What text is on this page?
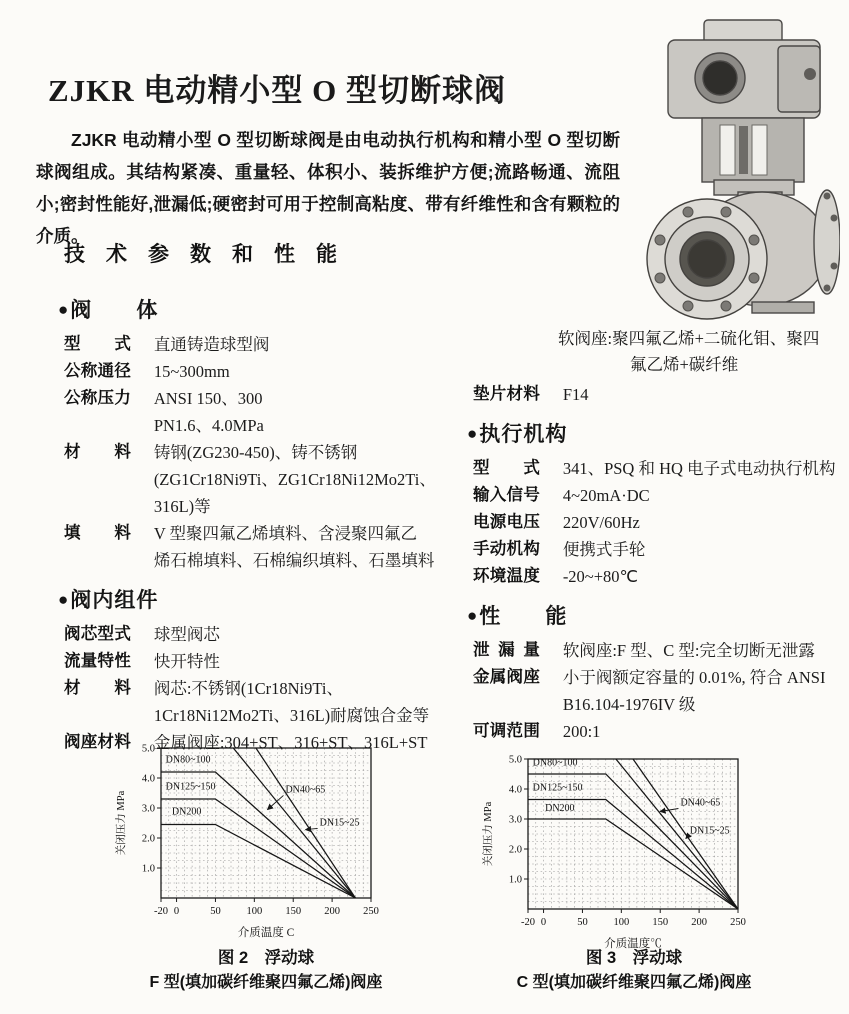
ZJKR 电动精小型 O 型切断球阀

ZJKR 电动精小型 O 型切断球阀是由电动执行机构和精小型 O 型切断球阀组成。其结构紧凑、重量轻、体积小、装拆维护方便;流路畅通、流阻小;密封性能好,泄漏低;硬密封可用于控制高粘度、带有纤维性和含有颗粒的介质。

技术参数和性能
●阀体
型式 直通铸造球型阀
公称通径 15~300mm
公称压力 ANSI 150、300
PN1.6、4.0MPa
材料 铸钢(ZG230-450)、铸不锈钢
(ZG1Cr18Ni9Ti、ZG1Cr18Ni12Mo2Ti、
316L)等
填料 V 型聚四氟乙烯填料、含浸聚四氟乙
烯石棉填料、石棉编织填料、石墨填料
●阀内组件
阀芯型式 球型阀芯
流量特性 快开特性
材料 阀芯:不锈钢(1Cr18Ni9Ti、
1Cr18Ni12Mo2Ti、316L)耐腐蚀合金等
阀座材料 金属阀座:304+ST、316+ST、316L+ST
软阀座:聚四氟乙烯+二硫化钼、聚四
氟乙烯+碳纤维
垫片材料 F14
●执行机构
型式 341、PSQ 和 HQ 电子式电动执行机构
输入信号 4~20mA·DC
电源电压 220V/60Hz
手动机构 便携式手轮
环境温度 -20~+80℃
●性能
泄漏量 软阀座:F 型、C 型:完全切断无泄露
金属阀座 小于阀额定容量的 0.01%, 符合 ANSI
B16.104-1976IV 级
可调范围 200:1
-20 0	50 100 150 200 250
1.0
2.0
3.0
4.0
5.0
DN80~100
DN125~150
DN200
DN40~65
DN15~25
关闭压力 MPa
介质温度 C
-20 0	50 100 150 200 250
1.0
2.0
3.0
4.0
5.0 DN80~100
DN125~150
DN200
DN40~65
DN15~25
关闭压力 MPa
介质温度℃
图 2　浮动球
F 型(填加碳纤维聚四氟乙烯)阀座
图 3　浮动球
C 型(填加碳纤维聚四氟乙烯)阀座
